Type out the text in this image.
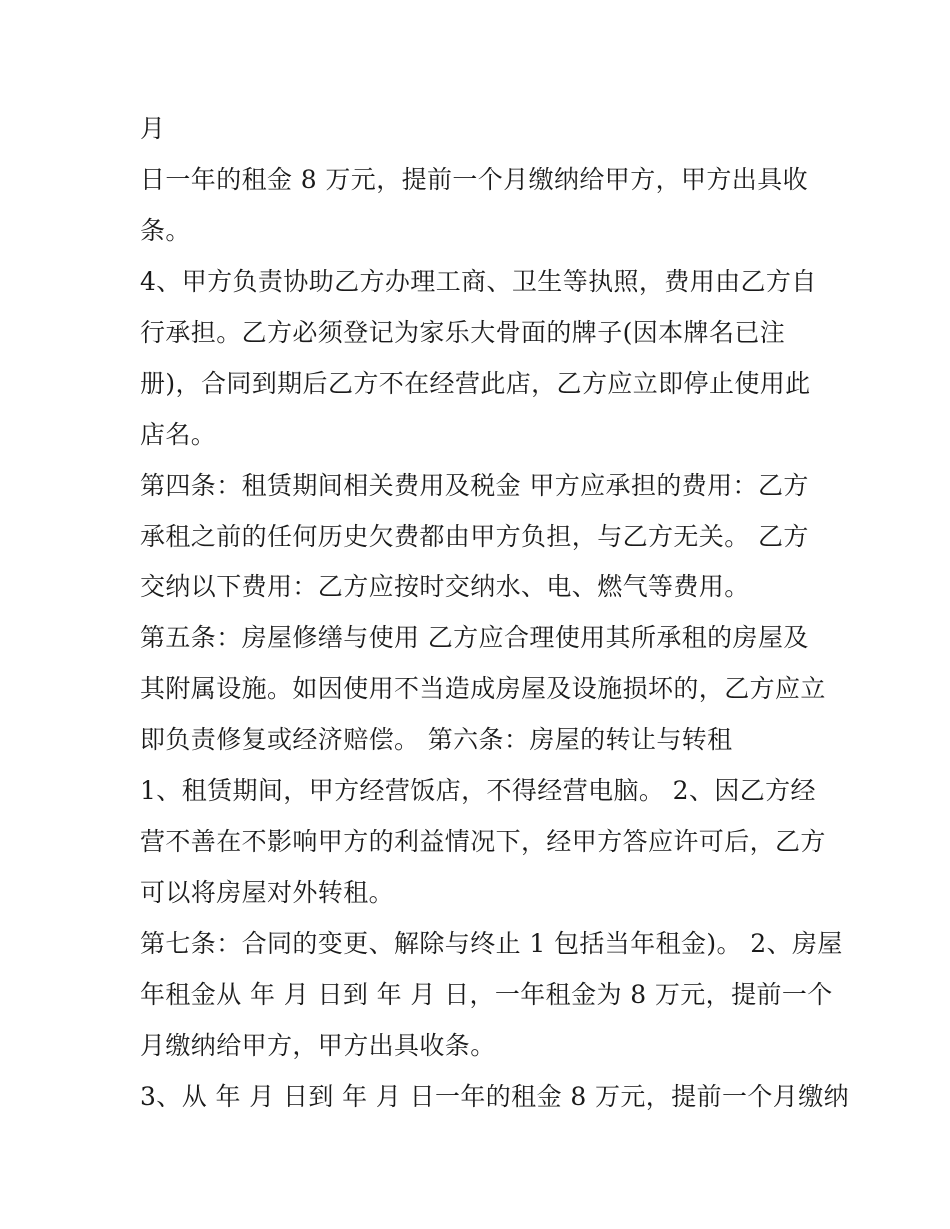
月
日一年的租金 8 万元，提前一个月缴纳给甲方，甲方出具收
条。
4、甲方负责协助乙方办理工商、卫生等执照，费用由乙方自
行承担。乙方必须登记为家乐大骨面的牌子(因本牌名已注
册)，合同到期后乙方不在经营此店，乙方应立即停止使用此
店名。
第四条：租赁期间相关费用及税金 甲方应承担的费用：乙方
承租之前的任何历史欠费都由甲方负担，与乙方无关。 乙方
交纳以下费用：乙方应按时交纳水、电、燃气等费用。
第五条：房屋修缮与使用 乙方应合理使用其所承租的房屋及
其附属设施。如因使用不当造成房屋及设施损坏的，乙方应立
即负责修复或经济赔偿。 第六条：房屋的转让与转租
1、租赁期间，甲方经营饭店，不得经营电脑。 2、因乙方经
营不善在不影响甲方的利益情况下，经甲方答应许可后，乙方
可以将房屋对外转租。
第七条：合同的变更、解除与终止 1 包括当年租金)。 2、房屋
年租金从 年 月 日到 年 月 日，一年租金为 8 万元，提前一个
月缴纳给甲方，甲方出具收条。
3、从 年 月 日到 年 月 日一年的租金 8 万元，提前一个月缴纳
